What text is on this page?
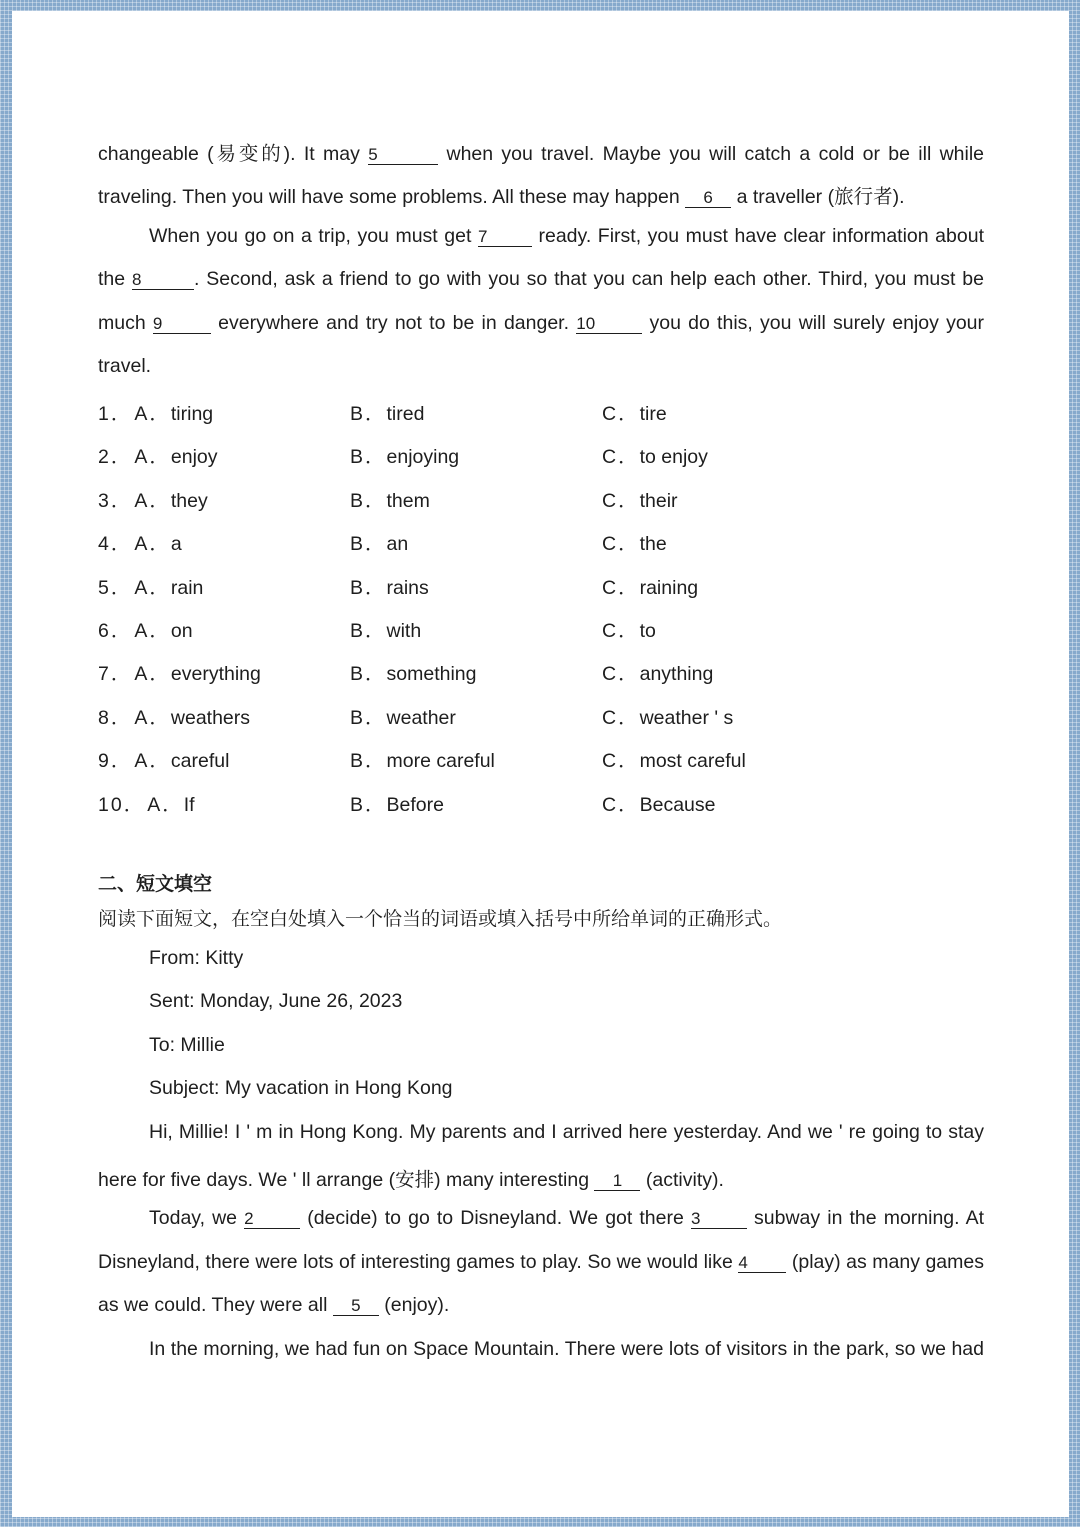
changeable (易变的). It may 5	when you travel. Maybe you will catch a cold or be ill while
traveling. Then you will have some problems. All these may happen 6 a traveller (旅行者).
When you go on a trip, you must get 7	ready. First, you must have clear information about
the 8	. Second, ask a friend to go with you so that you can help each other. Third, you must be
much 9	everywhere and try not to be in danger. 10	you do this, you will surely enjoy your
travel.
1． A．tiring	B．tired	C．tire
2． A．enjoy	B．enjoying	C．to enjoy
3． A．they	B．them	C．their
4． A．a	B．an	C．the
5． A．rain	B．rains	C．raining
6． A．on	B．with	C．to
7． A．everything	B．something	C．anything
8． A．weathers	B．weather	C．weather ' s
9． A．careful	B．more careful	C．most careful
10． A．If	B．Before	C．Because
二、短文填空
阅读下面短文，在空白处填入一个恰当的词语或填入括号中所给单词的正确形式。
From: Kitty
Sent: Monday, June 26, 2023
To: Millie
Subject: My vacation in Hong Kong
Hi, Millie! I ' m in Hong Kong. My parents and I arrived here yesterday. And we ' re going to stay
here for five days. We ' ll arrange (安排) many interesting 1 (activity).
Today, we 2	(decide) to go to Disneyland. We got there 3	subway in the morning. At
Disneyland, there were lots of interesting games to play. So we would like 4 (play) as many games
as we could. They were all 5 (enjoy).
In the morning, we had fun on Space Mountain. There were lots of visitors in the park, so we had
